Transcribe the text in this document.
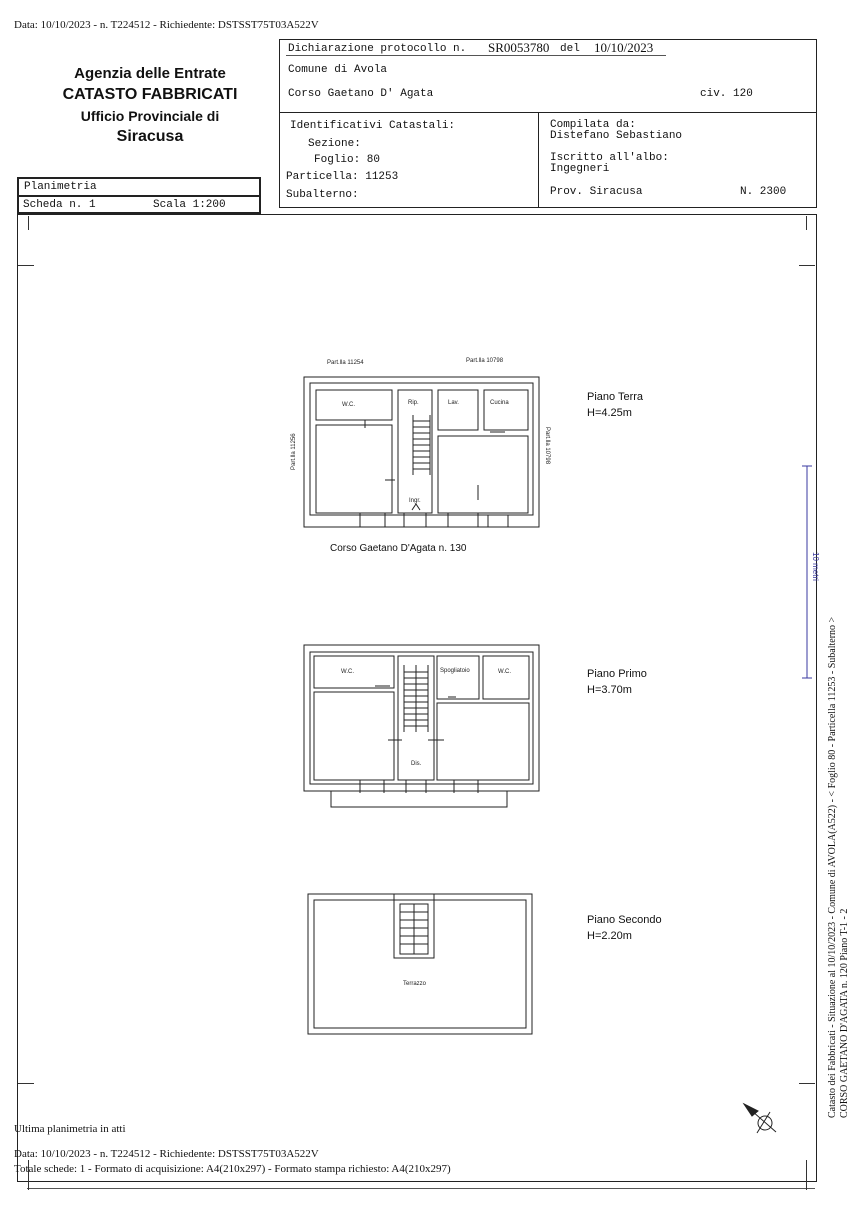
Data: 10/10/2023 - n. T224512 - Richiedente: DSTSST75T03A522V
Agenzia delle Entrate
CATASTO FABBRICATI
Ufficio Provinciale di
Siracusa
Planimetria
Scheda n. 1	Scala 1:200
Dichiarazione protocollo n. SR0053780 del 10/10/2023
Comune di Avola
Corso Gaetano D' Agata	civ. 120
Identificativi Catastali:
Sezione:
Foglio: 80
Particella: 11253
Subalterno:
Compilata da:
Distefano Sebastiano
Iscritto all'albo:
Ingegneri
Prov. Siracusa	N. 2300
Part.lla 11254	Part.lla 10798
Part.lla 11256	Part.lla 10798
W.C.	Rip.	Lav.	Cucina
Ingr.
W.C.	Spogliatoio	W.C.
Dis.
Terrazzo
10 metri
Piano Terra
H=4.25m
Corso Gaetano D'Agata n. 130
Piano Primo
H=3.70m
Piano Secondo
H=2.20m	Catasto dei Fabbricati - Situazione al 10/10/2023 - Comune di AVOLA(A522) - < Foglio 80 - Particella 11253 - Subalterno > CORSO GAETANO D'AGATA n. 120 Piano T-1 - 2
Ultima planimetria in atti
Data: 10/10/2023 - n. T224512 - Richiedente: DSTSST75T03A522V
Totale schede: 1 - Formato di acquisizione: A4(210x297) - Formato stampa richiesto: A4(210x297)
